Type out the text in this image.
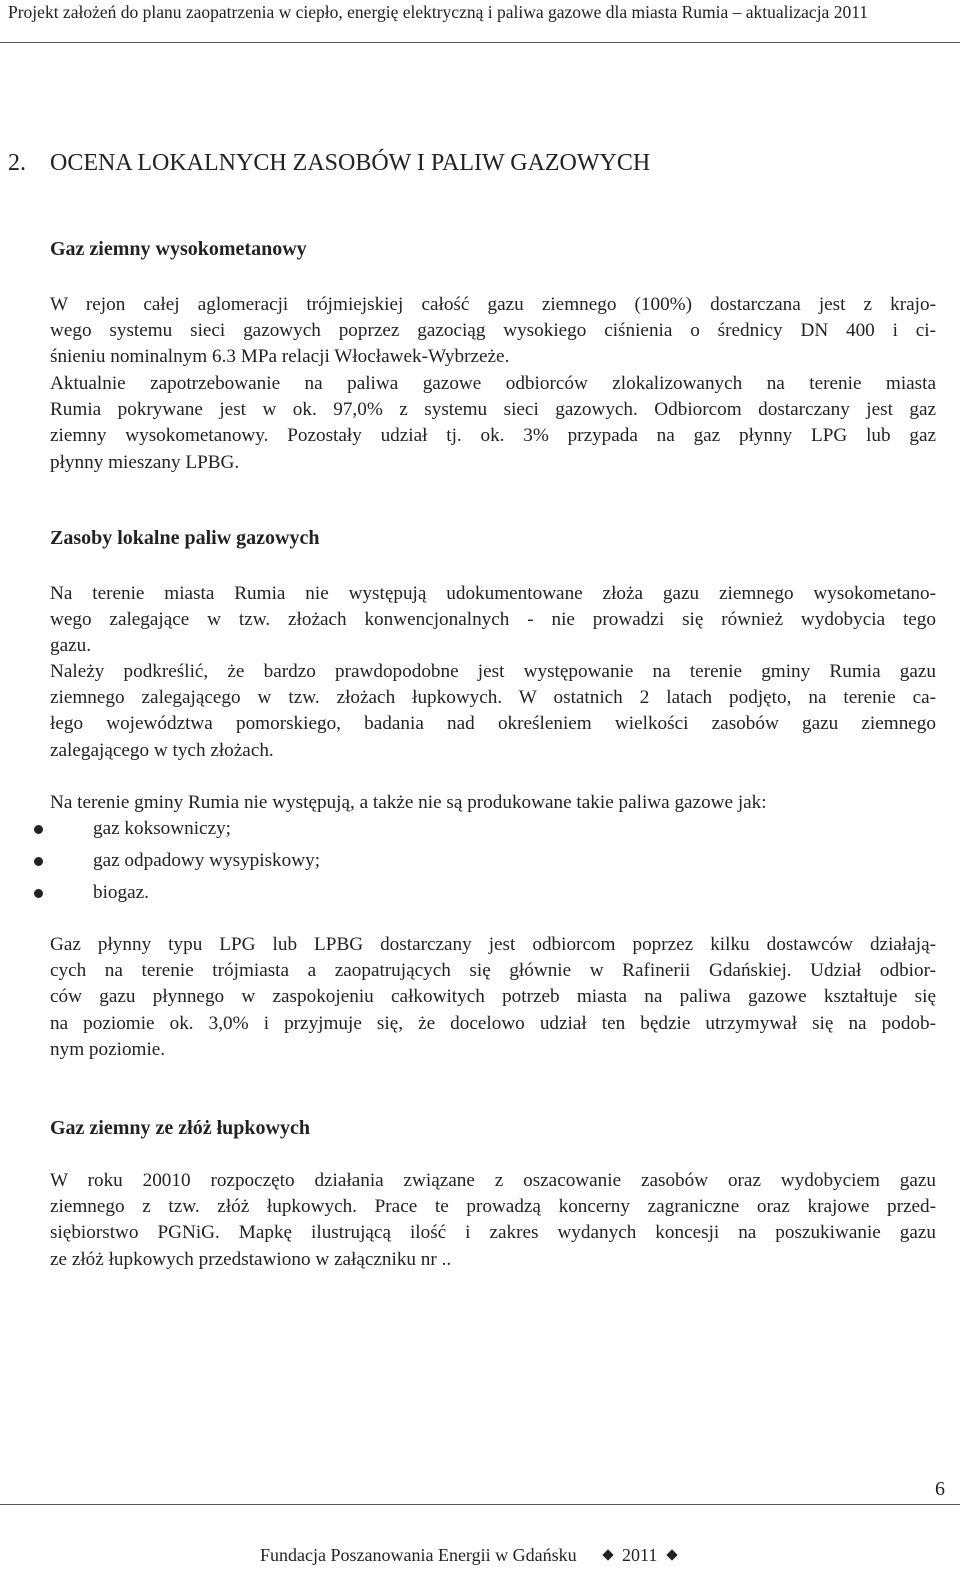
Projekt założeń do planu zaopatrzenia w ciepło, energię elektryczną i paliwa gazowe dla miasta Rumia – aktualizacja 2011
2. OCENA LOKALNYCH ZASOBÓW I PALIW GAZOWYCH
Gaz ziemny wysokometanowy
W rejon całej aglomeracji trójmiejskiej całość gazu ziemnego (100%) dostarczana jest z krajo-
wego systemu sieci gazowych poprzez gazociąg wysokiego ciśnienia o średnicy DN 400 i ci-
śnieniu nominalnym 6.3 MPa relacji Włocławek-Wybrzeże.
Aktualnie zapotrzebowanie na paliwa gazowe odbiorców zlokalizowanych na terenie miasta
Rumia pokrywane jest w ok. 97,0% z systemu sieci gazowych. Odbiorcom dostarczany jest gaz
ziemny wysokometanowy. Pozostały udział tj. ok. 3% przypada na gaz płynny LPG lub gaz
płynny mieszany LPBG.
Zasoby lokalne paliw gazowych
Na terenie miasta Rumia nie występują udokumentowane złoża gazu ziemnego wysokometano-
wego zalegające w tzw. złożach konwencjonalnych - nie prowadzi się również wydobycia tego
gazu.
Należy podkreślić, że bardzo prawdopodobne jest występowanie na terenie gminy Rumia gazu
ziemnego zalegającego w tzw. złożach łupkowych. W ostatnich 2 latach podjęto, na terenie ca-
łego województwa pomorskiego, badania nad określeniem wielkości zasobów gazu ziemnego
zalegającego w tych złożach.
Na terenie gminy Rumia nie występują, a także nie są produkowane takie paliwa gazowe jak:
gaz koksowniczy;
gaz odpadowy wysypiskowy;
biogaz.
Gaz płynny typu LPG lub LPBG dostarczany jest odbiorcom poprzez kilku dostawców działają-
cych na terenie trójmiasta a zaopatrujących się głównie w Rafinerii Gdańskiej. Udział odbior-
ców gazu płynnego w zaspokojeniu całkowitych potrzeb miasta na paliwa gazowe kształtuje się
na poziomie ok. 3,0% i przyjmuje się, że docelowo udział ten będzie utrzymywał się na podob-
nym poziomie.
Gaz ziemny ze złóż łupkowych
W roku 20010 rozpoczęto działania związane z oszacowanie zasobów oraz wydobyciem gazu
ziemnego z tzw. złóż łupkowych. Prace te prowadzą koncerny zagraniczne oraz krajowe przed-
siębiorstwo PGNiG. Mapkę ilustrującą ilość i zakres wydanych koncesji na poszukiwanie gazu
ze złóż łupkowych przedstawiono w załączniku nr ..
6
Fundacja Poszanowania Energii w Gdańsku	2011
